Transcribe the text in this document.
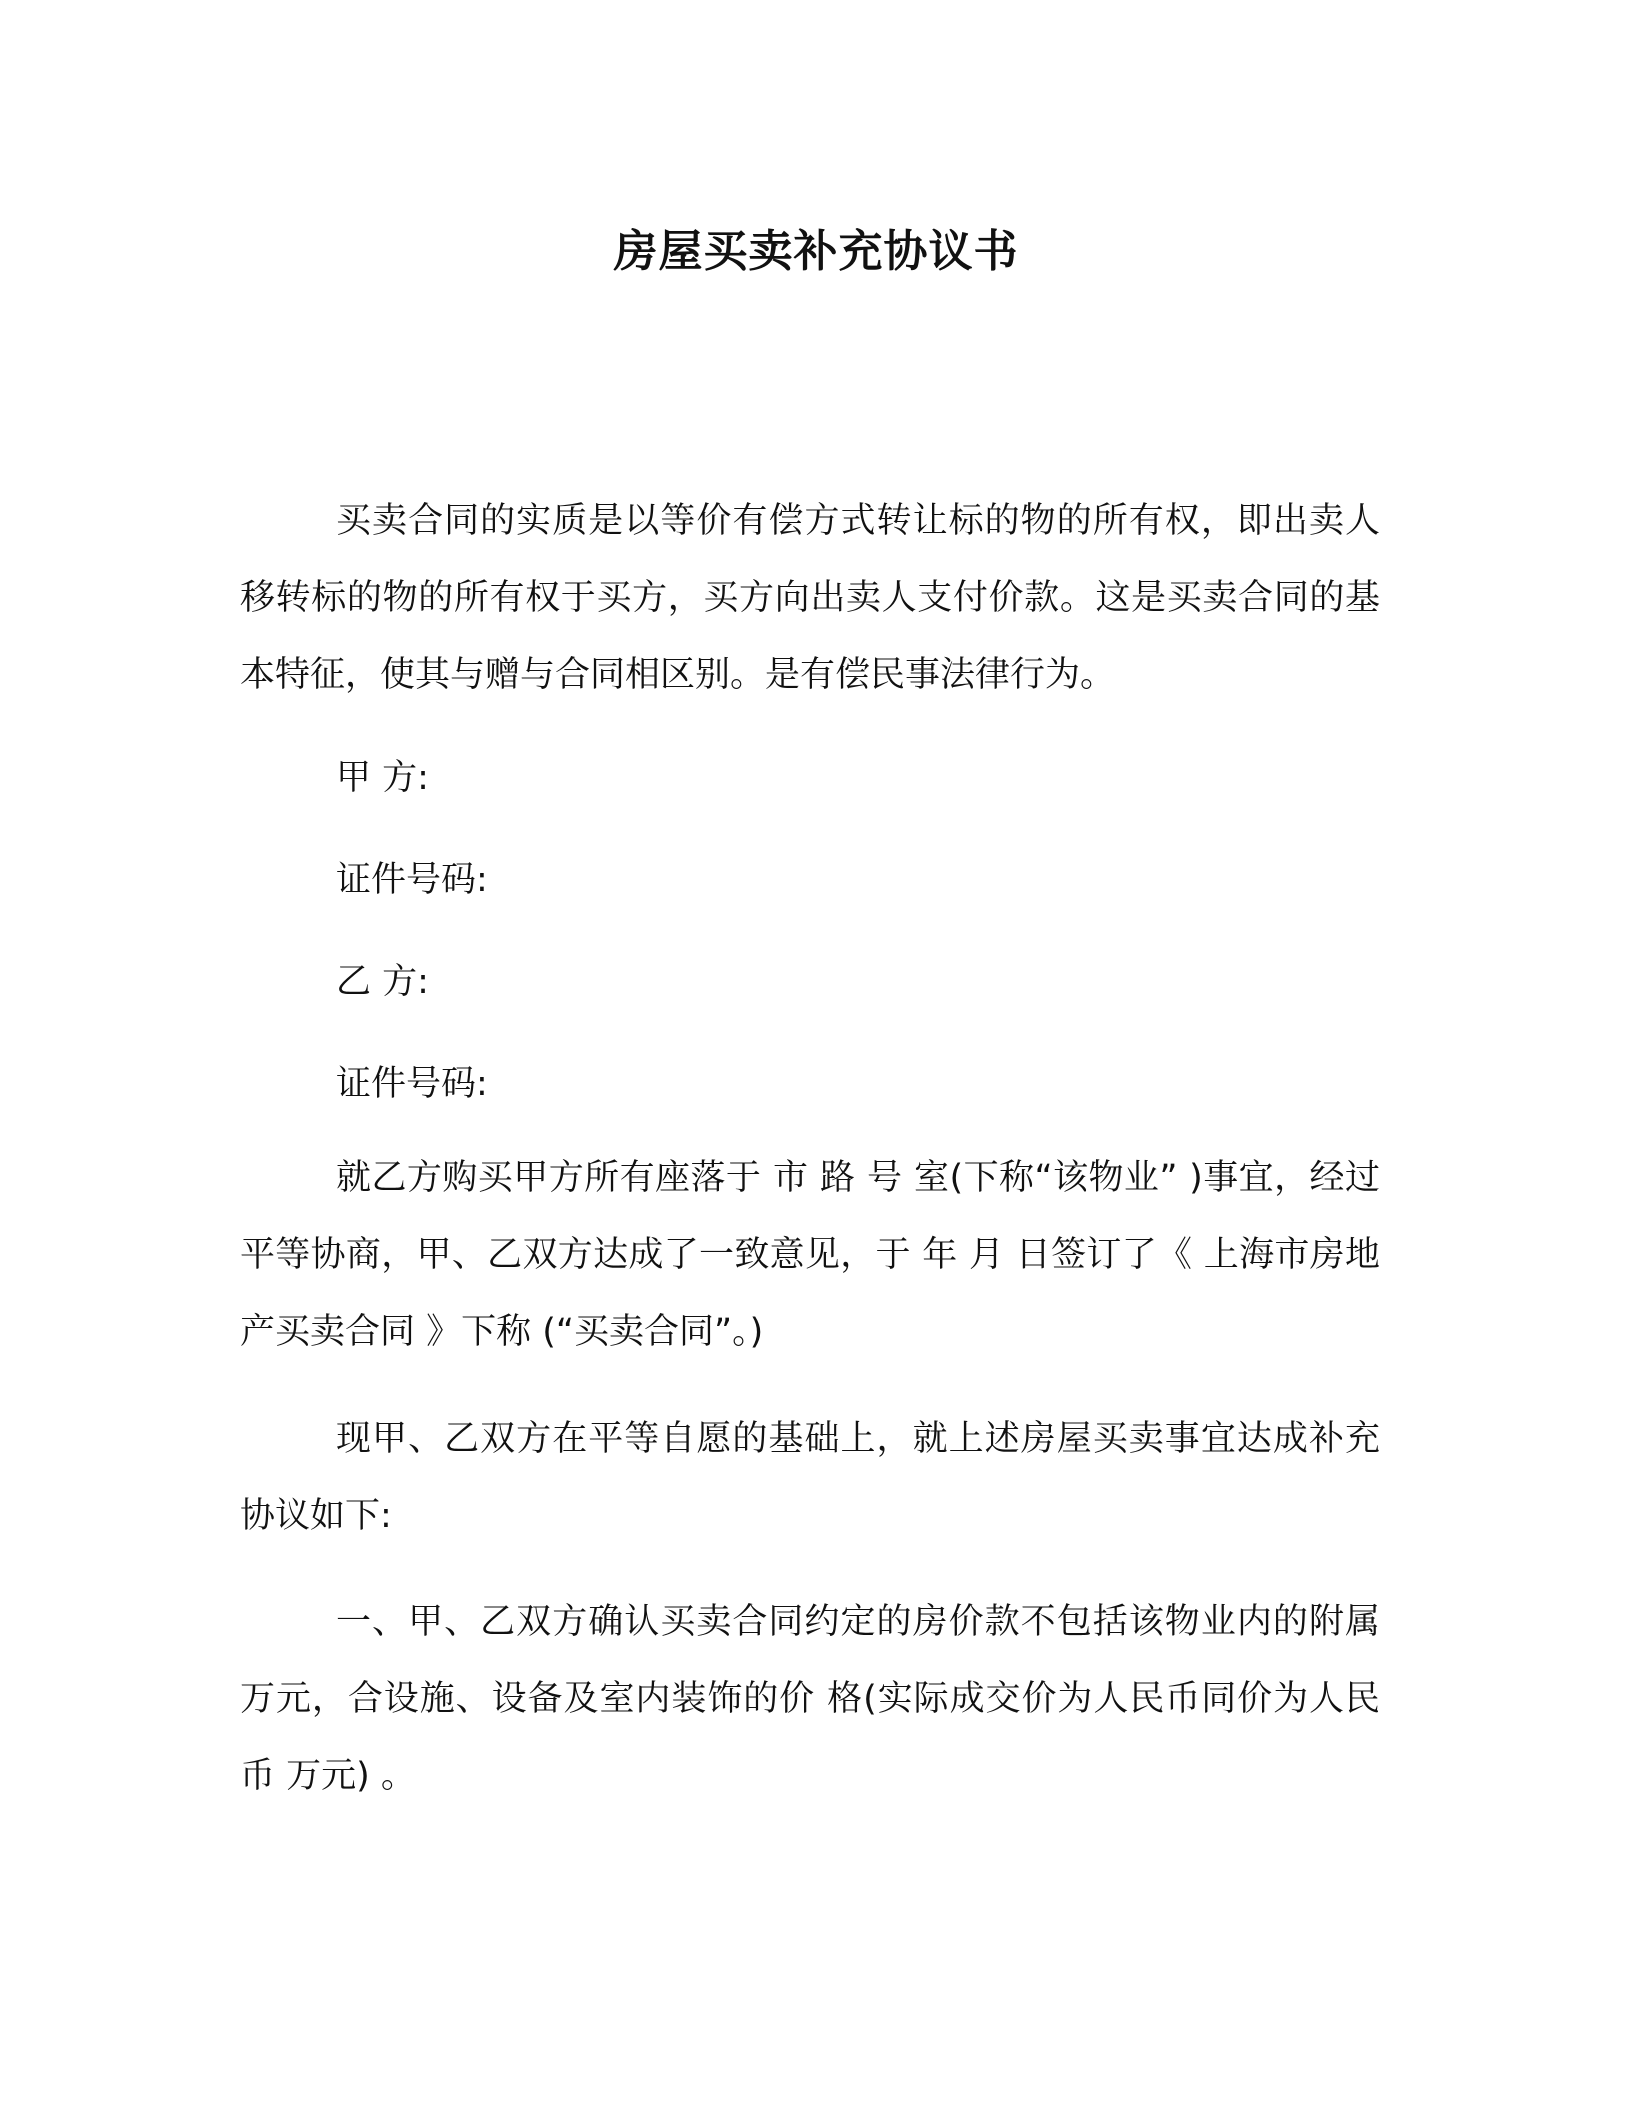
房屋买卖补充协议书

买卖合同的实质是以等价有偿方式转让标的物的所有权，即出卖人移转标的物的所有权于买方，买方向出卖人支付价款。这是买卖合同的基本特征，使其与赠与合同相区别。是有偿民事法律行为。

甲 方:

证件号码:

乙 方:

证件号码:

就乙方购买甲方所有座落于 市 路 号 室(下称“该物业” )事宜，经过平等协商，甲、乙双方达成了一致意见，于 年 月 日签订了《 上海市房地产买卖合同 》下称 (“买卖合同”。)

现甲、乙双方在平等自愿的基础上，就上述房屋买卖事宜达成补充 协议如下:

一、甲、乙双方确认买卖合同约定的房价款不包括该物业内的附属 万元，合设施、设备及室内装饰的价 格(实际成交价为人民币同价为人民币 万元) 。
